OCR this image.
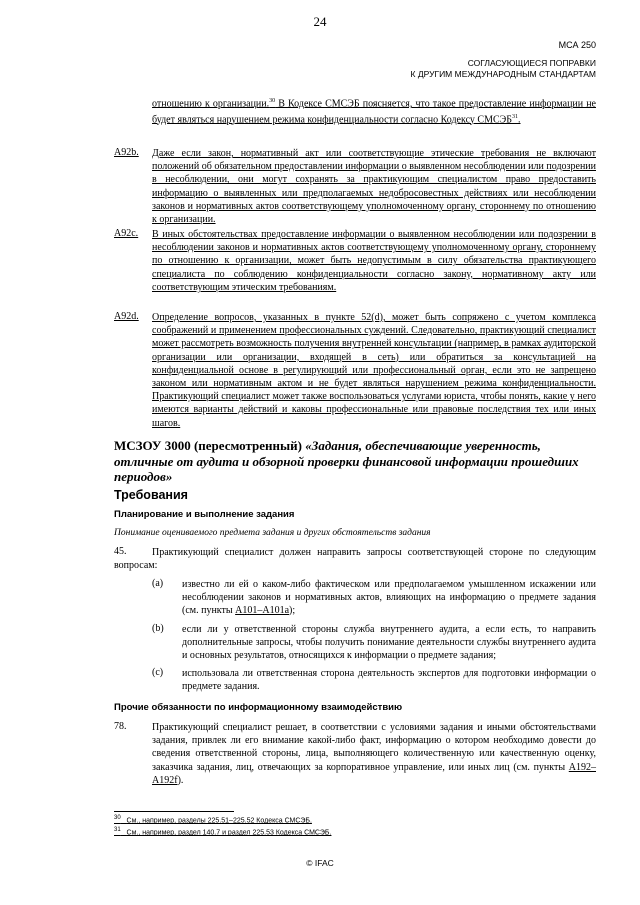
24
МСА 250
СОГЛАСУЮЩИЕСЯ ПОПРАВКИ
К ДРУГИМ МЕЖДУНАРОДНЫМ СТАНДАРТАМ
отношению к организации.$^{30}$ В Кодексе СМСЭБ поясняется, что такое предоставление информации не будет являться нарушением режима конфиденциальности согласно Кодексу СМСЭБ$^{31}$.
A92b. Даже если закон, нормативный акт или соответствующие этические требования не включают положений об обязательном предоставлении информации о выявленном несоблюдении или подозрении в несоблюдении, они могут сохранять за практикующим специалистом право предоставить информацию о выявленных или предполагаемых недобросовестных действиях или несоблюдении законов и нормативных актов соответствующему уполномоченному органу, стороннему по отношению к организации.
A92c. В иных обстоятельствах предоставление информации о выявленном несоблюдении или подозрении в несоблюдении законов и нормативных актов соответствующему уполномоченному органу, стороннему по отношению к организации, может быть недопустимым в силу обязательства практикующего специалиста по соблюдению конфиденциальности согласно закону, нормативному акту или соответствующим этическим требованиям.
A92d. Определение вопросов, указанных в пункте 52(d), может быть сопряжено с учетом комплекса соображений и применением профессиональных суждений. Следовательно, практикующий специалист может рассмотреть возможность получения внутренней консультации (например, в рамках аудиторской организации или организации, входящей в сеть) или обратиться за консультацией на конфиденциальной основе в регулирующий или профессиональный орган, если это не запрещено законом или нормативным актом и не будет являться нарушением режима конфиденциальности. Практикующий специалист может также воспользоваться услугами юриста, чтобы понять, какие у него имеются варианты действий и каковы профессиональные или правовые последствия тех или иных шагов.
МСЗОУ 3000 (пересмотренный) «Задания, обеспечивающие уверенность, отличные от аудита и обзорной проверки финансовой информации прошедших периодов»
Требования
Планирование и выполнение задания
Понимание оцениваемого предмета задания и других обстоятельств задания
45.	Практикующий специалист должен направить запросы соответствующей стороне по следующим вопросам:
(a) известно ли ей о каком-либо фактическом или предполагаемом умышленном искажении или несоблюдении законов и нормативных актов, влияющих на информацию о предмете задания (см. пункты A101–A101a);
(b) если ли у ответственной стороны служба внутреннего аудита, а если есть, то направить дополнительные запросы, чтобы получить понимание деятельности службы внутреннего аудита и основных результатов, относящихся к информации о предмете задания;
(c) использовала ли ответственная сторона деятельность экспертов для подготовки информации о предмете задания.
Прочие обязанности по информационному взаимодействию
78.	Практикующий специалист решает, в соответствии с условиями задания и иными обстоятельствами задания, привлек ли его внимание какой-либо факт, информацию о котором необходимо довести до сведения ответственной стороны, лица, выполняющего количественную или качественную оценку, заказчика задания, лиц, отвечающих за корпоративное управление, или иных лиц (см. пункты A192–A192f).
$^{30}$ См., например, разделы 225.51–225.52 Кодекса СМСЭБ.
$^{31}$ См., например, раздел 140.7 и раздел 225.53 Кодекса СМСЭБ.
© IFAC
